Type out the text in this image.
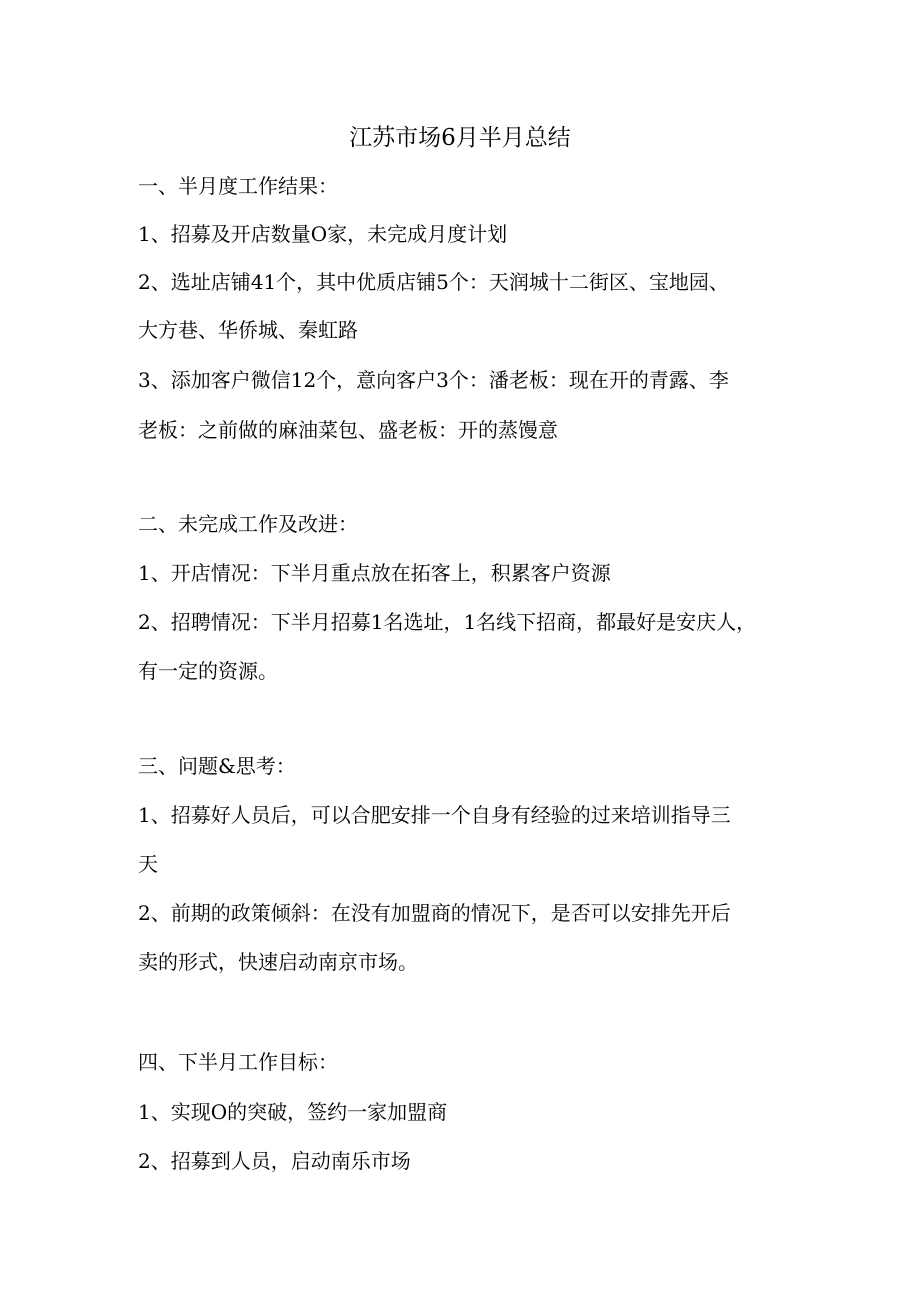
江苏市场6月半月总结

一、半月度工作结果：

1、招募及开店数量O家，未完成月度计划

2、选址店铺41个，其中优质店铺5个：天润城十二街区、宝地园、

大方巷、华侨城、秦虹路

3、添加客户微信12个，意向客户3个：潘老板：现在开的青露、李

老板：之前做的麻油菜包、盛老板：开的蒸馒意

二、未完成工作及改进：

1、开店情况：下半月重点放在拓客上，积累客户资源

2、招聘情况：下半月招募1名选址，1名线下招商，都最好是安庆人，

有一定的资源。

三、问题&思考：

1、招募好人员后，可以合肥安排一个自身有经验的过来培训指导三

天

2、前期的政策倾斜：在没有加盟商的情况下，是否可以安排先开后

卖的形式，快速启动南京市场。

四、下半月工作目标：

1、实现O的突破，签约一家加盟商

2、招募到人员，启动南乐市场
